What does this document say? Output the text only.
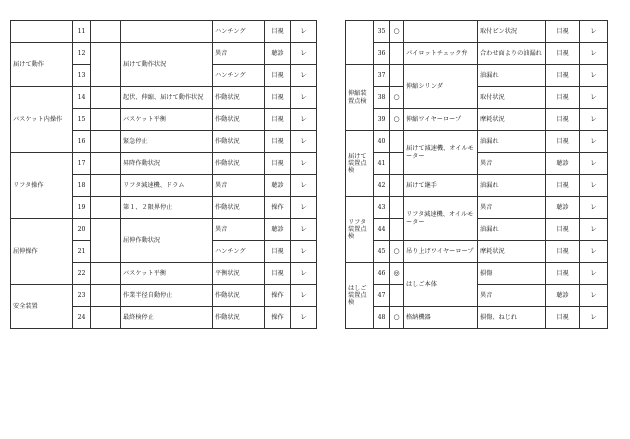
	11			ハンチング	目視	レ
届けて動作	12		届けて動作状況	異音	聴診	レ
	13			ハンチング	目視	レ
バスケット内操作	14		起伏、伸縮、届けて動作状況	作動状況	目視	レ
	15		バスケット平衡	作動状況	目視	レ
	16		緊急停止	作動状況	目視	レ
リフタ操作	17		昇降作動状況	作動状況	目視	レ
	18		リフタ減速機、ドラム	異音	聴診	レ
	19		第１、２限界停止	作動状況	操作	レ
屈伸操作	20		屈伸作動状況	異音	聴診	レ
	21			ハンチング	目視	レ
	22		バスケット平衡	平衡状況	目視	レ
安全装置	23		作業半径自動停止	作動状況	操作	レ
	24		最終検停止	作動状況	操作	レ
	35	○		取付ピン状況	目視	レ
	36		パイロットチェック弁	合わせ面よりの油漏れ	目視	レ
伸縮装置点検	37		伸縮シリンダ	油漏れ	目視	レ
	38	○		取付状況	目視	レ
	39	○	伸縮ワイヤーロープ	摩耗状況	目視	レ
届けて装置点検	40		届けて減速機、オイルモーター	油漏れ	目視	レ
	41			異音	聴診	レ
	42		届けて継手	油漏れ	目視	レ
リフタ装置点検	43		リフタ減速機、オイルモーター	異音	聴診	レ
	44			油漏れ	目視	レ
	45	○	吊り上げワイヤーロープ	摩耗状況	目視	レ
はしご装置点検	46	◎	はしご本体	損傷	目視	レ
	47			異音	聴診	レ
	48	○	格納機器	損傷、ねじれ	目視	レ
